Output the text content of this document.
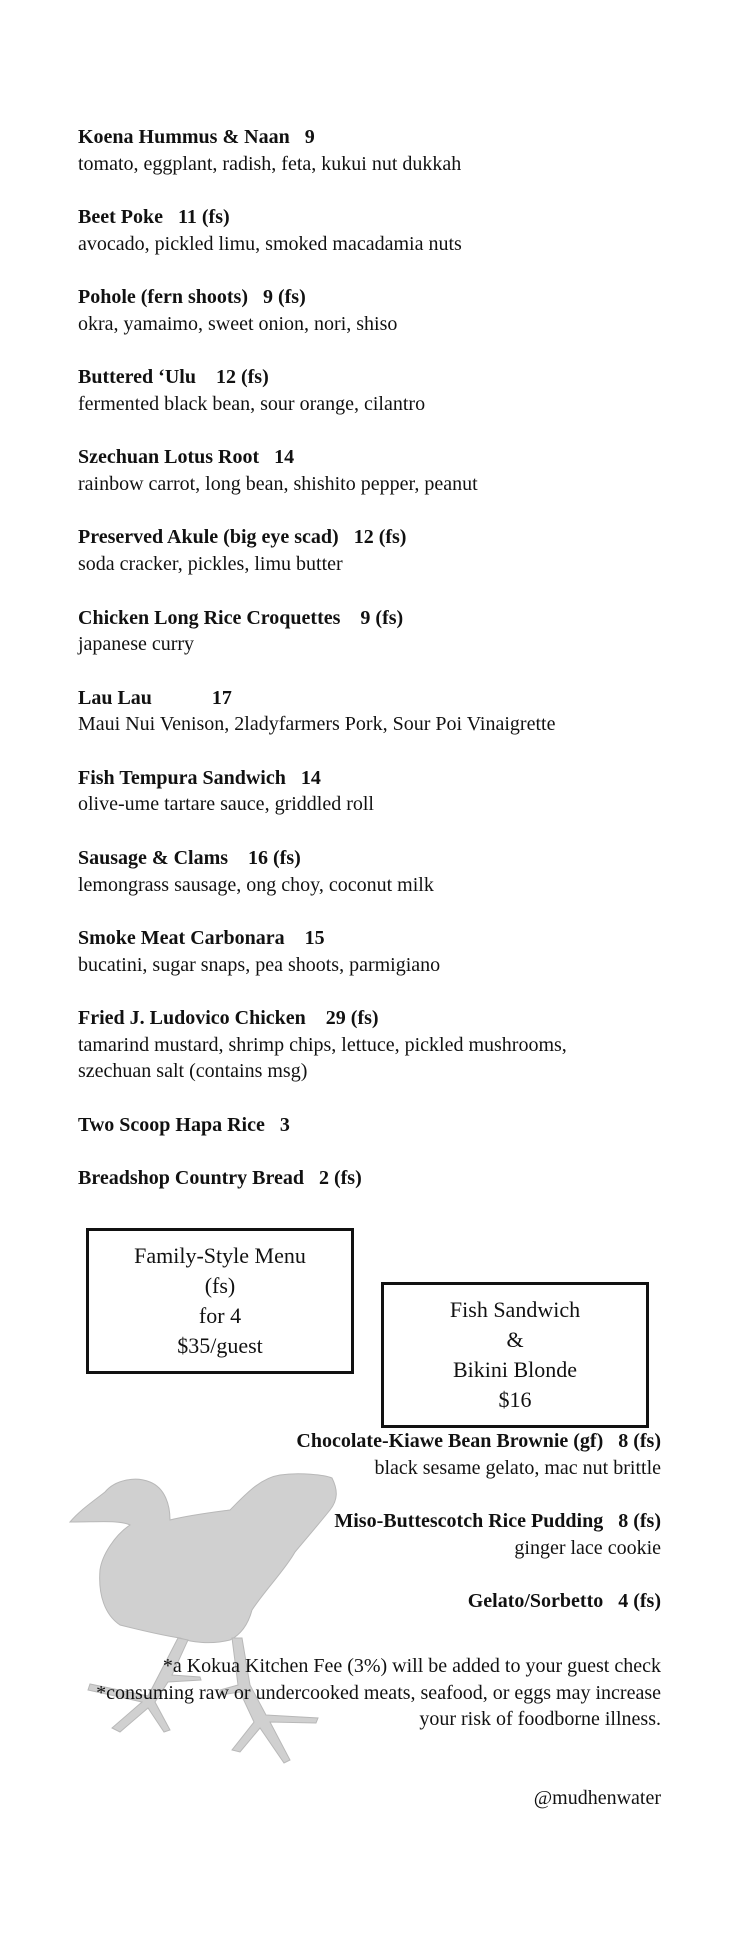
Koena Hummus & Naan   9
tomato, eggplant, radish, feta, kukui nut dukkah
Beet Poke   11 (fs)
avocado, pickled limu, smoked macadamia nuts
Pohole (fern shoots)   9 (fs)
okra, yamaimo, sweet onion, nori, shiso
Buttered ‘Ulu    12 (fs)
fermented black bean, sour orange, cilantro
Szechuan Lotus Root   14
rainbow carrot, long bean, shishito pepper, peanut
Preserved Akule (big eye scad)   12 (fs)
soda cracker, pickles, limu butter
Chicken Long Rice Croquettes    9 (fs)
japanese curry
Lau Lau            17
Maui Nui Venison, 2ladyfarmers Pork, Sour Poi Vinaigrette
Fish Tempura Sandwich   14
olive-ume tartare sauce, griddled roll
Sausage & Clams    16 (fs)
lemongrass sausage, ong choy, coconut milk
Smoke Meat Carbonara    15
bucatini, sugar snaps, pea shoots, parmigiano
Fried J. Ludovico Chicken    29 (fs)
tamarind mustard, shrimp chips, lettuce, pickled mushrooms, szechuan salt (contains msg)
Two Scoop Hapa Rice   3
Breadshop Country Bread   2 (fs)
Family-Style Menu
(fs)
for 4
$35/guest
Fish Sandwich
&
Bikini Blonde
$16
Chocolate-Kiawe Bean Brownie (gf)   8 (fs)
black sesame gelato, mac nut brittle
Miso-Buttescotch Rice Pudding   8 (fs)
ginger lace cookie
Gelato/Sorbetto   4 (fs)
*a Kokua Kitchen Fee (3%) will be added to your guest check
*consuming raw or undercooked meats, seafood, or eggs may increase your risk of foodborne illness.
@mudhenwater
